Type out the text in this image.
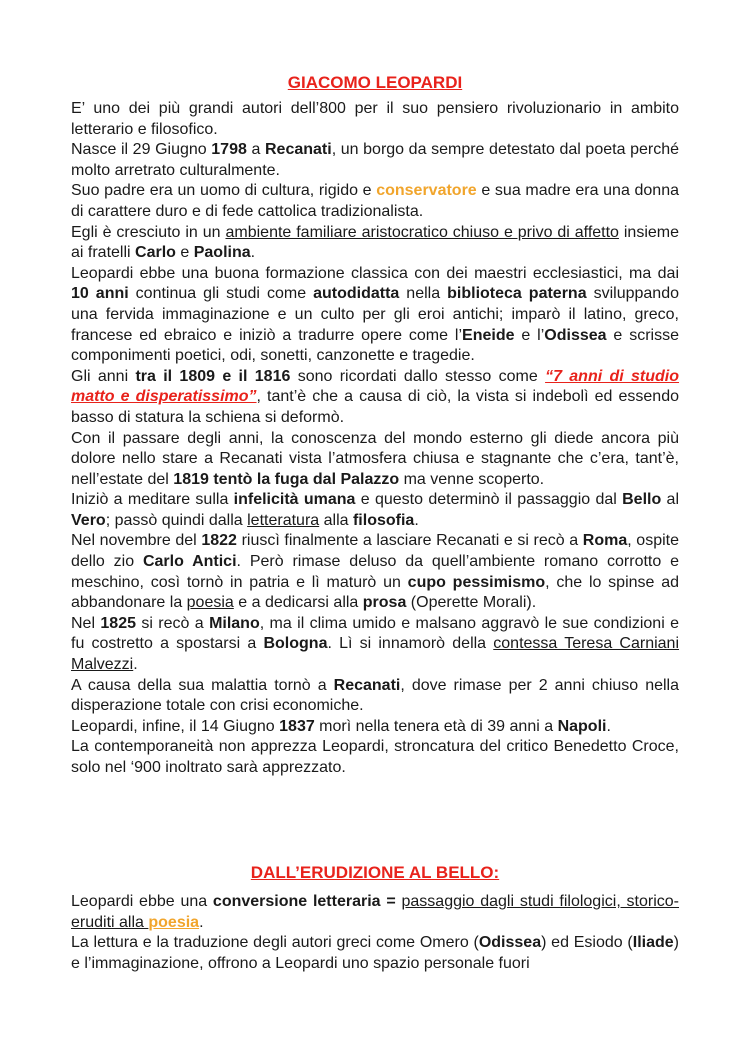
GIACOMO LEOPARDI

E’ uno dei più grandi autori dell’800 per il suo pensiero rivoluzionario in ambito letterario e filosofico.

Nasce il 29 Giugno 1798 a Recanati, un borgo da sempre detestato dal poeta perché molto arretrato culturalmente.

Suo padre era un uomo di cultura, rigido e conservatore e sua madre era una donna di carattere duro e di fede cattolica tradizionalista.

Egli è cresciuto in un ambiente familiare aristocratico chiuso e privo di affetto insieme ai fratelli Carlo e Paolina.

Leopardi ebbe una buona formazione classica con dei maestri ecclesiastici, ma dai 10 anni continua gli studi come autodidatta nella biblioteca paterna sviluppando una fervida immaginazione e un culto per gli eroi antichi; imparò il latino, greco, francese ed ebraico e iniziò a tradurre opere come l’Eneide e l’Odissea e scrisse componimenti poetici, odi, sonetti, canzonette e tragedie.

Gli anni tra il 1809 e il 1816 sono ricordati dallo stesso come “7 anni di studio matto e disperatissimo”, tant’è che a causa di ciò, la vista si indebolì ed essendo basso di statura la schiena si deformò.

Con il passare degli anni, la conoscenza del mondo esterno gli diede ancora più dolore nello stare a Recanati vista l’atmosfera chiusa e stagnante che c’era, tant’è, nell’estate del 1819 tentò la fuga dal Palazzo ma venne scoperto.

Iniziò a meditare sulla infelicità umana e questo determinò il passaggio dal Bello al Vero; passò quindi dalla letteratura alla filosofia.

Nel novembre del 1822 riuscì finalmente a lasciare Recanati e si recò a Roma, ospite dello zio Carlo Antici. Però rimase deluso da quell’ambiente romano corrotto e meschino, così tornò in patria e lì maturò un cupo pessimismo, che lo spinse ad abbandonare la poesia e a dedicarsi alla prosa (Operette Morali).

Nel 1825 si recò a Milano, ma il clima umido e malsano aggravò le sue condizioni e fu costretto a spostarsi a Bologna. Lì si innamorò della contessa Teresa Carniani Malvezzi.

A causa della sua malattia tornò a Recanati, dove rimase per 2 anni chiuso nella disperazione totale con crisi economiche.

Leopardi, infine, il 14 Giugno 1837 morì nella tenera età di 39 anni a Napoli.

La contemporaneità non apprezza Leopardi, stroncatura del critico Benedetto Croce, solo nel ‘900 inoltrato sarà apprezzato.

DALL’ERUDIZIONE AL BELLO:

Leopardi ebbe una conversione letteraria = passaggio dagli studi filologici, storico-eruditi alla poesia.

La lettura e la traduzione degli autori greci come Omero (Odissea) ed Esiodo (Iliade) e l’immaginazione, offrono a Leopardi uno spazio personale fuori
